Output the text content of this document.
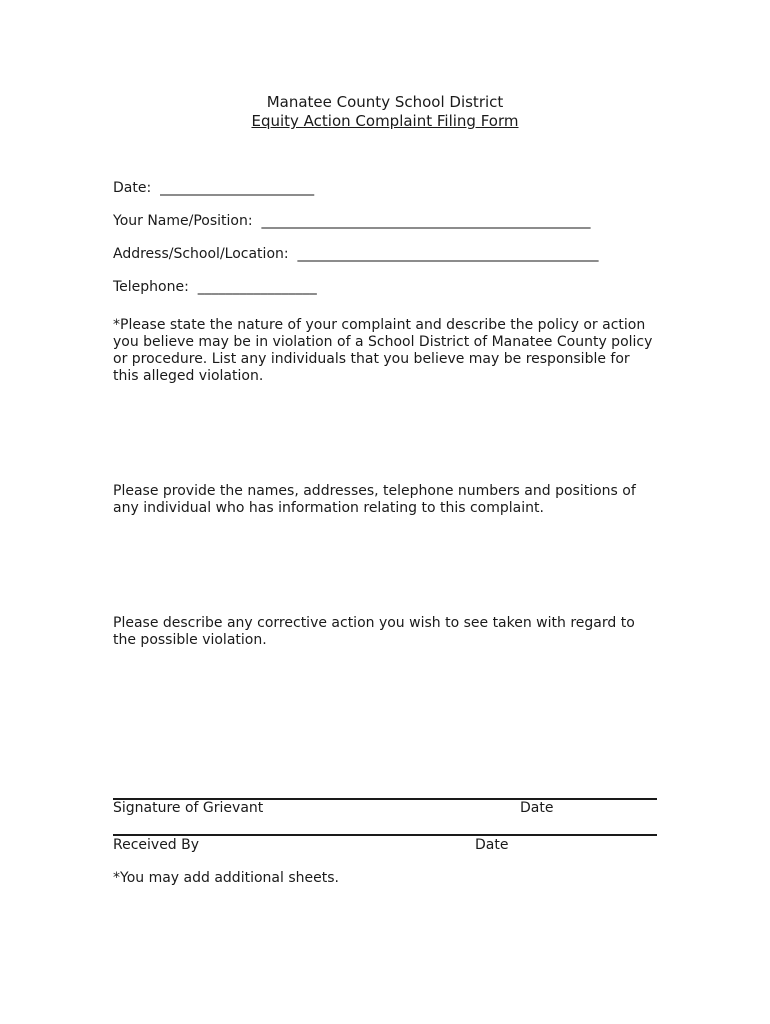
Manatee County School District
Equity Action Complaint Filing Form
Date:  ______________________
Your Name/Position:  _______________________________________________
Address/School/Location:  ___________________________________________
Telephone:  _________________
*Please state the nature of your complaint and describe the policy or action you believe may be in violation of a School District of Manatee County policy or procedure. List any individuals that you believe may be responsible for this alleged violation.
Please provide the names, addresses, telephone numbers and positions of any individual who has information relating to this complaint.
Please describe any corrective action you wish to see taken with regard to the possible violation.
Signature of Grievant	Date
Received By	Date
*You may add additional sheets.
